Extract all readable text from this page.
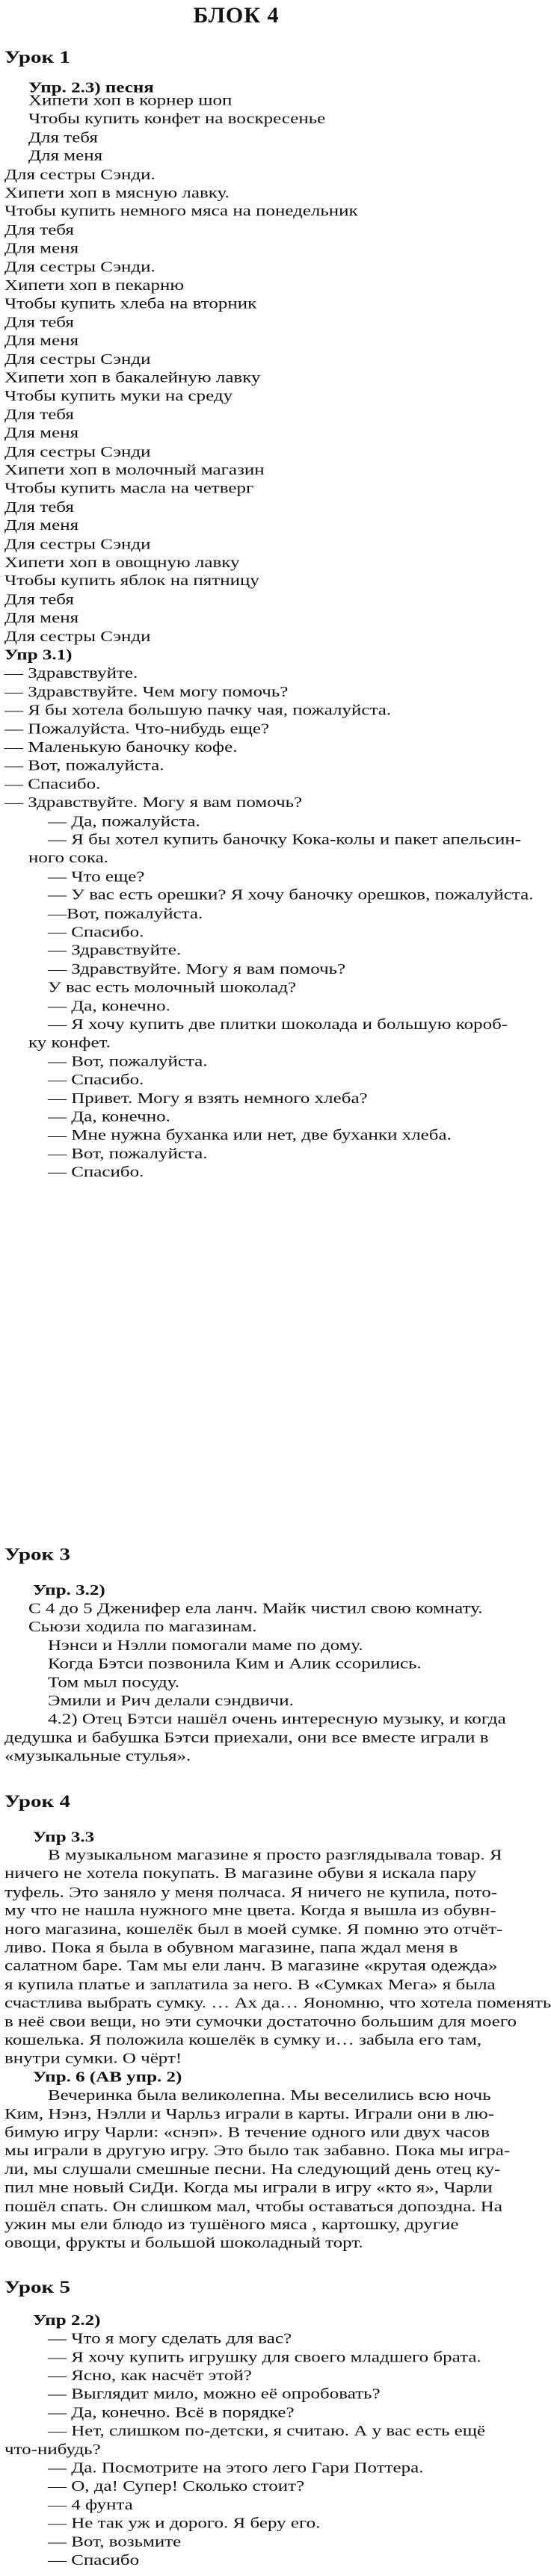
БЛОК 4
Урок 1
Упр. 2.3) песня
Хипети хоп в корнер шоп
Чтобы купить конфет на воскресенье
Для тебя
Для меня
Для сестры Сэнди.
Хипети хоп в мясную лавку.
Чтобы купить немного мяса на понедельник
Для тебя
Для меня
Для сестры Сэнди.
Хипети хоп в пекарню
Чтобы купить хлеба на вторник
Для тебя
Для меня
Для сестры Сэнди
Хипети хоп в бакалейную лавку
Чтобы купить муки на среду
Для тебя
Для меня
Для сестры Сэнди
Хипети хоп в молочный магазин
Чтобы купить масла на четверг
Для тебя
Для меня
Для сестры Сэнди
Хипети хоп в овощную лавку
Чтобы купить яблок на пятницу
Для тебя
Для меня
Для сестры Сэнди
Упр 3.1)
— Здравствуйте.
— Здравствуйте. Чем могу помочь?
— Я бы хотела большую пачку чая, пожалуйста.
— Пожалуйста. Что-нибудь еще?
— Маленькую баночку кофе.
— Вот, пожалуйста.
— Спасибо.
— Здравствуйте. Могу я вам помочь?
— Да, пожалуйста.
— Я бы хотел купить баночку Кока-колы и пакет апельсин-
ного сока.
— Что еще?
— У вас есть орешки? Я хочу баночку орешков, пожалуйста.
—Вот, пожалуйста.
— Спасибо.
— Здравствуйте.
— Здравствуйте. Могу я вам помочь?
У вас есть молочный шоколад?
— Да, конечно.
— Я хочу купить две плитки шоколада и большую короб-
ку конфет.
— Вот, пожалуйста.
— Спасибо.
— Привет. Могу я взять немного хлеба?
— Да, конечно.
— Мне нужна буханка или нет, две буханки хлеба.
— Вот, пожалуйста.
— Спасибо.
Урок 3
Упр. 3.2)
С 4 до 5 Дженифер ела ланч. Майк чистил свою комнату.
Сьюзи ходила по магазинам.
Нэнси и Нэлли помогали маме по дому.
Когда Бэтси позвонила Ким и Алик ссорились.
Том мыл посуду.
Эмили и Рич делали сэндвичи.
4.2) Отец Бэтси нашёл очень интересную музыку, и когда
дедушка и бабушка Бэтси приехали, они все вместе играли в
«музыкальные стулья».
Урок 4
Упр 3.3
В музыкальном магазине я просто разглядывала товар. Я
ничего не хотела покупать. В магазине обуви я искала пару
туфель. Это заняло у меня полчаса. Я ничего не купила, пото-
му что не нашла нужного мне цвета. Когда я вышла из обувн-
ного магазина, кошелёк был в моей сумке. Я помню это отчёт-
ливо. Пока я была в обувном магазине, папа ждал меня в
салатном баре. Там мы ели ланч. В магазине «крутая одежда»
я купила платье и заплатила за него. В «Сумках Мега» я была
счастлива выбрать сумку. … Ах да… Яономню, что хотела поменять
в неё свои вещи, но эти сумочки достаточно большим для моего
кошелька. Я положила кошелёк в сумку и… забыла его там,
внутри сумки. О чёрт!
Упр. 6 (АВ упр. 2)
Вечеринка была великолепна. Мы веселились всю ночь
Ким, Нэнз, Нэлли и Чарльз играли в карты. Играли они в лю-
бимую игру Чарли: «снэп». В течение одного или двух часов
мы играли в другую игру. Это было так забавно. Пока мы игра-
ли, мы слушали смешные песни. На следующий день отец ку-
пил мне новый СиДи. Когда мы играли в игру «кто я», Чарли
пошёл спать. Он слишком мал, чтобы оставаться допоздна. На
ужин мы ели блюдо из тушёного мяса , картошку, другие
овощи, фрукты и большой шоколадный торт.
Урок 5
Упр 2.2)
— Что я могу сделать для вас?
— Я хочу купить игрушку для своего младшего брата.
— Ясно, как насчёт этой?
— Выглядит мило, можно её опробовать?
— Да, конечно. Всё в порядке?
— Нет, слишком по-детски, я считаю. А у вас есть ещё
что-нибудь?
— Да. Посмотрите на этого лего Гари Поттера.
— О, да! Супер! Сколько стоит?
— 4 фунта
— Не так уж и дорого. Я беру его.
— Вот, возьмите
— Спасибо
